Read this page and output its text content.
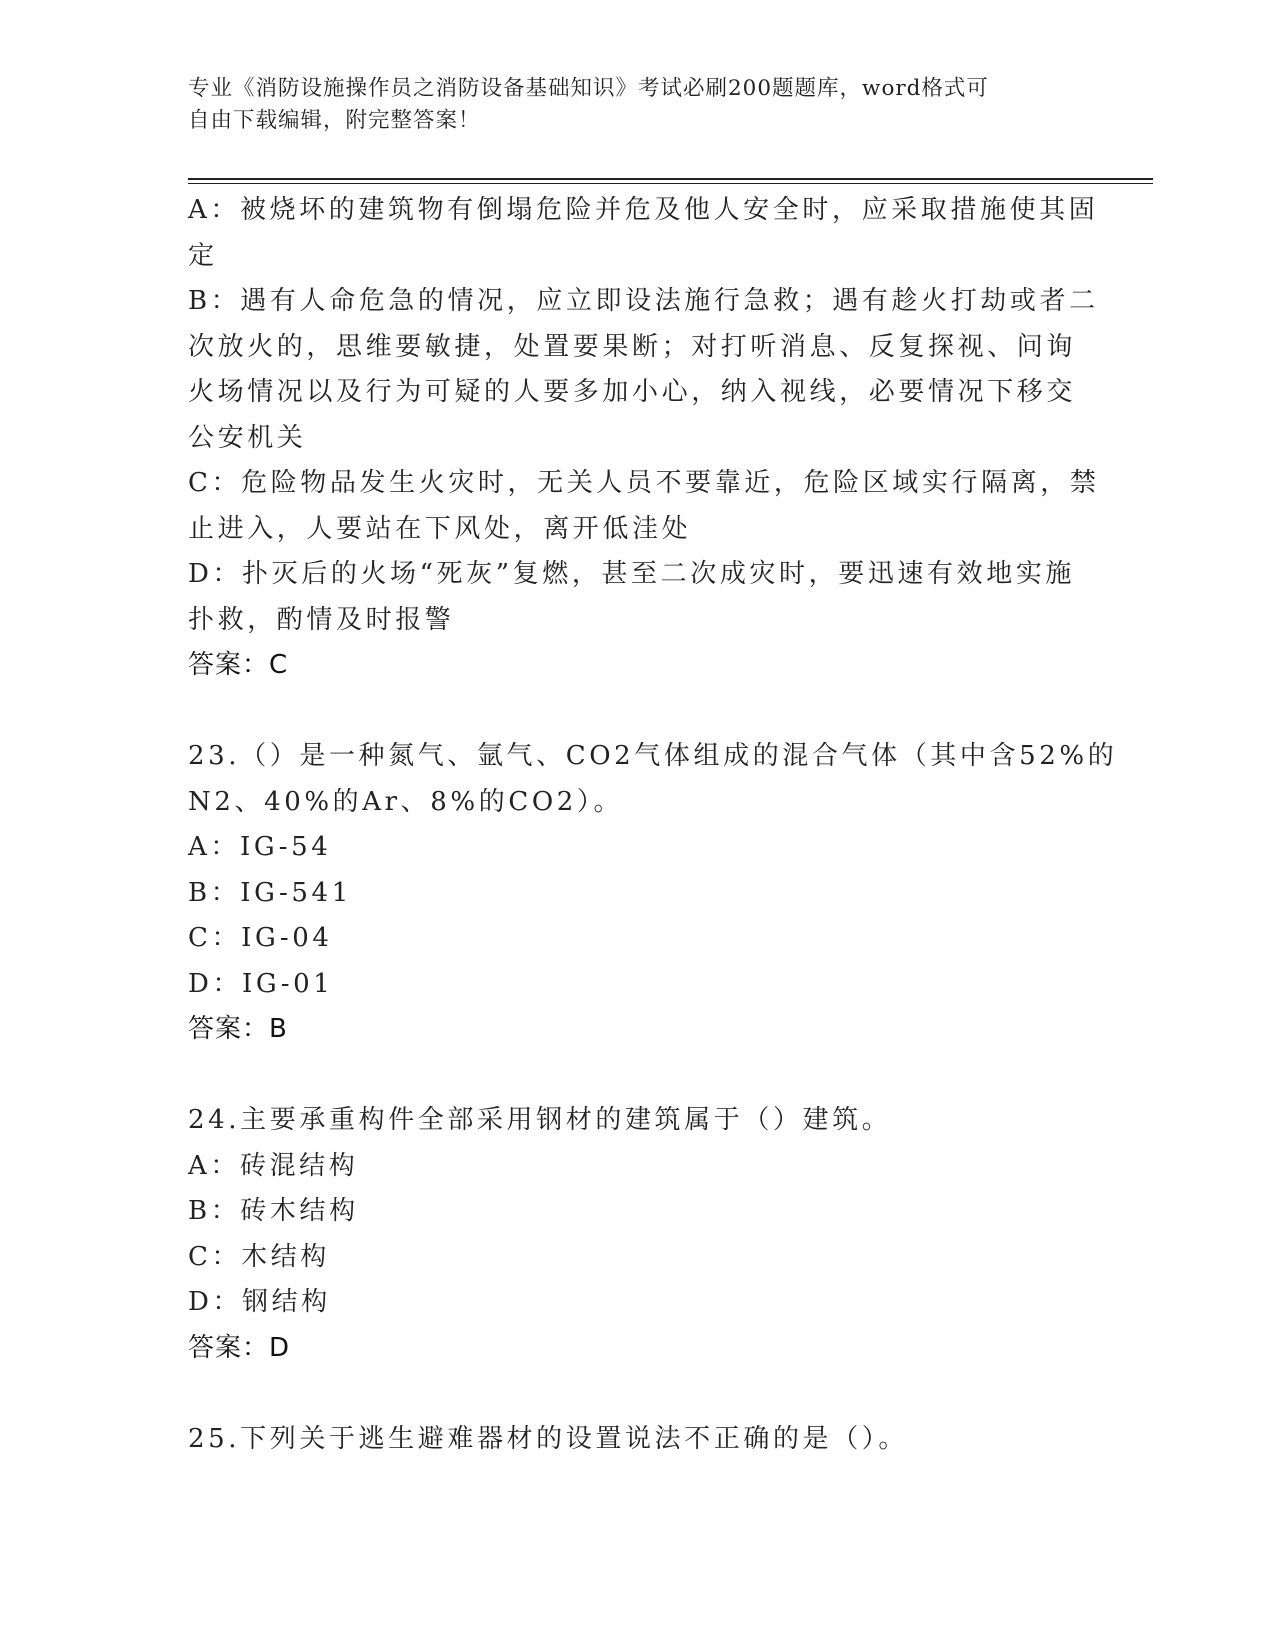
专业《消防设施操作员之消防设备基础知识》考试必刷200题题库，word格式可
自由下载编辑，附完整答案！

A：被烧坏的建筑物有倒塌危险并危及他人安全时，应采取措施使其固

定

B：遇有人命危急的情况，应立即设法施行急救；遇有趁火打劫或者二

次放火的，思维要敏捷，处置要果断；对打听消息、反复探视、问询

火场情况以及行为可疑的人要多加小心，纳入视线，必要情况下移交

公安机关

C：危险物品发生火灾时，无关人员不要靠近，危险区域实行隔离，禁

止进入，人要站在下风处，离开低洼处

D：扑灭后的火场“死灰”复燃，甚至二次成灾时，要迅速有效地实施

扑救，酌情及时报警

答案：C

23.（）是一种氮气、氩气、CO2气体组成的混合气体（其中含52%的

N2、40%的Ar、8%的CO2）。

A：IG-54

B：IG-541

C：IG-04

D：IG-01

答案：B

24.主要承重构件全部采用钢材的建筑属于（）建筑。

A：砖混结构

B：砖木结构

C：木结构

D：钢结构

答案：D

25.下列关于逃生避难器材的设置说法不正确的是（）。
